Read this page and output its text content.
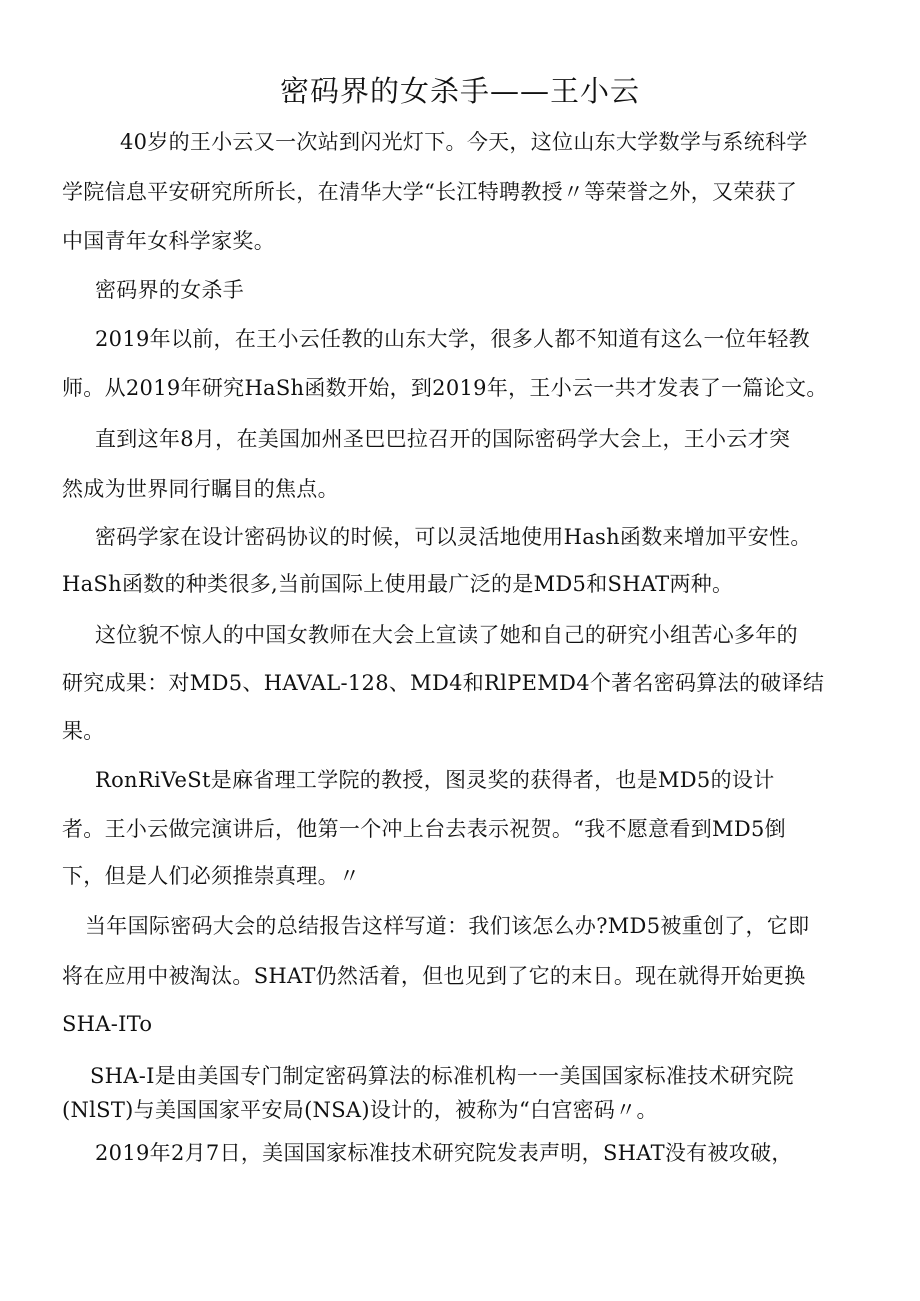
密码界的女杀手——王小云
40岁的王小云又一次站到闪光灯下。今天，这位山东大学数学与系统科学
学院信息平安研究所所长，在清华大学“长江特聘教授〃等荣誉之外，又荣获了
中国青年女科学家奖。
密码界的女杀手
2019年以前，在王小云任教的山东大学，很多人都不知道有这么一位年轻教
师。从2019年研究HaSh函数开始，到2019年，王小云一共才发表了一篇论文。
直到这年8月，在美国加州圣巴巴拉召开的国际密码学大会上，王小云才突
然成为世界同行瞩目的焦点。
密码学家在设计密码协议的时候，可以灵活地使用Hash函数来增加平安性。
HaSh函数的种类很多,当前国际上使用最广泛的是MD5和SHAT两种。
这位貌不惊人的中国女教师在大会上宣读了她和自己的研究小组苦心多年的
研究成果：对MD5、HAVAL-128、MD4和RlPEMD4个著名密码算法的破译结
果。
RonRiVeSt是麻省理工学院的教授，图灵奖的获得者，也是MD5的设计
者。王小云做完演讲后，他第一个冲上台去表示祝贺。“我不愿意看到MD5倒
下，但是人们必须推崇真理。〃
当年国际密码大会的总结报告这样写道：我们该怎么办?MD5被重创了，它即
将在应用中被淘汰。SHAT仍然活着，但也见到了它的末日。现在就得开始更换
SHA-ITo
SHA-I是由美国专门制定密码算法的标准机构一一美国国家标准技术研究院
(NlST)与美国国家平安局(NSA)设计的，被称为“白宫密码〃。
2019年2月7日，美国国家标准技术研究院发表声明，SHAT没有被攻破，
